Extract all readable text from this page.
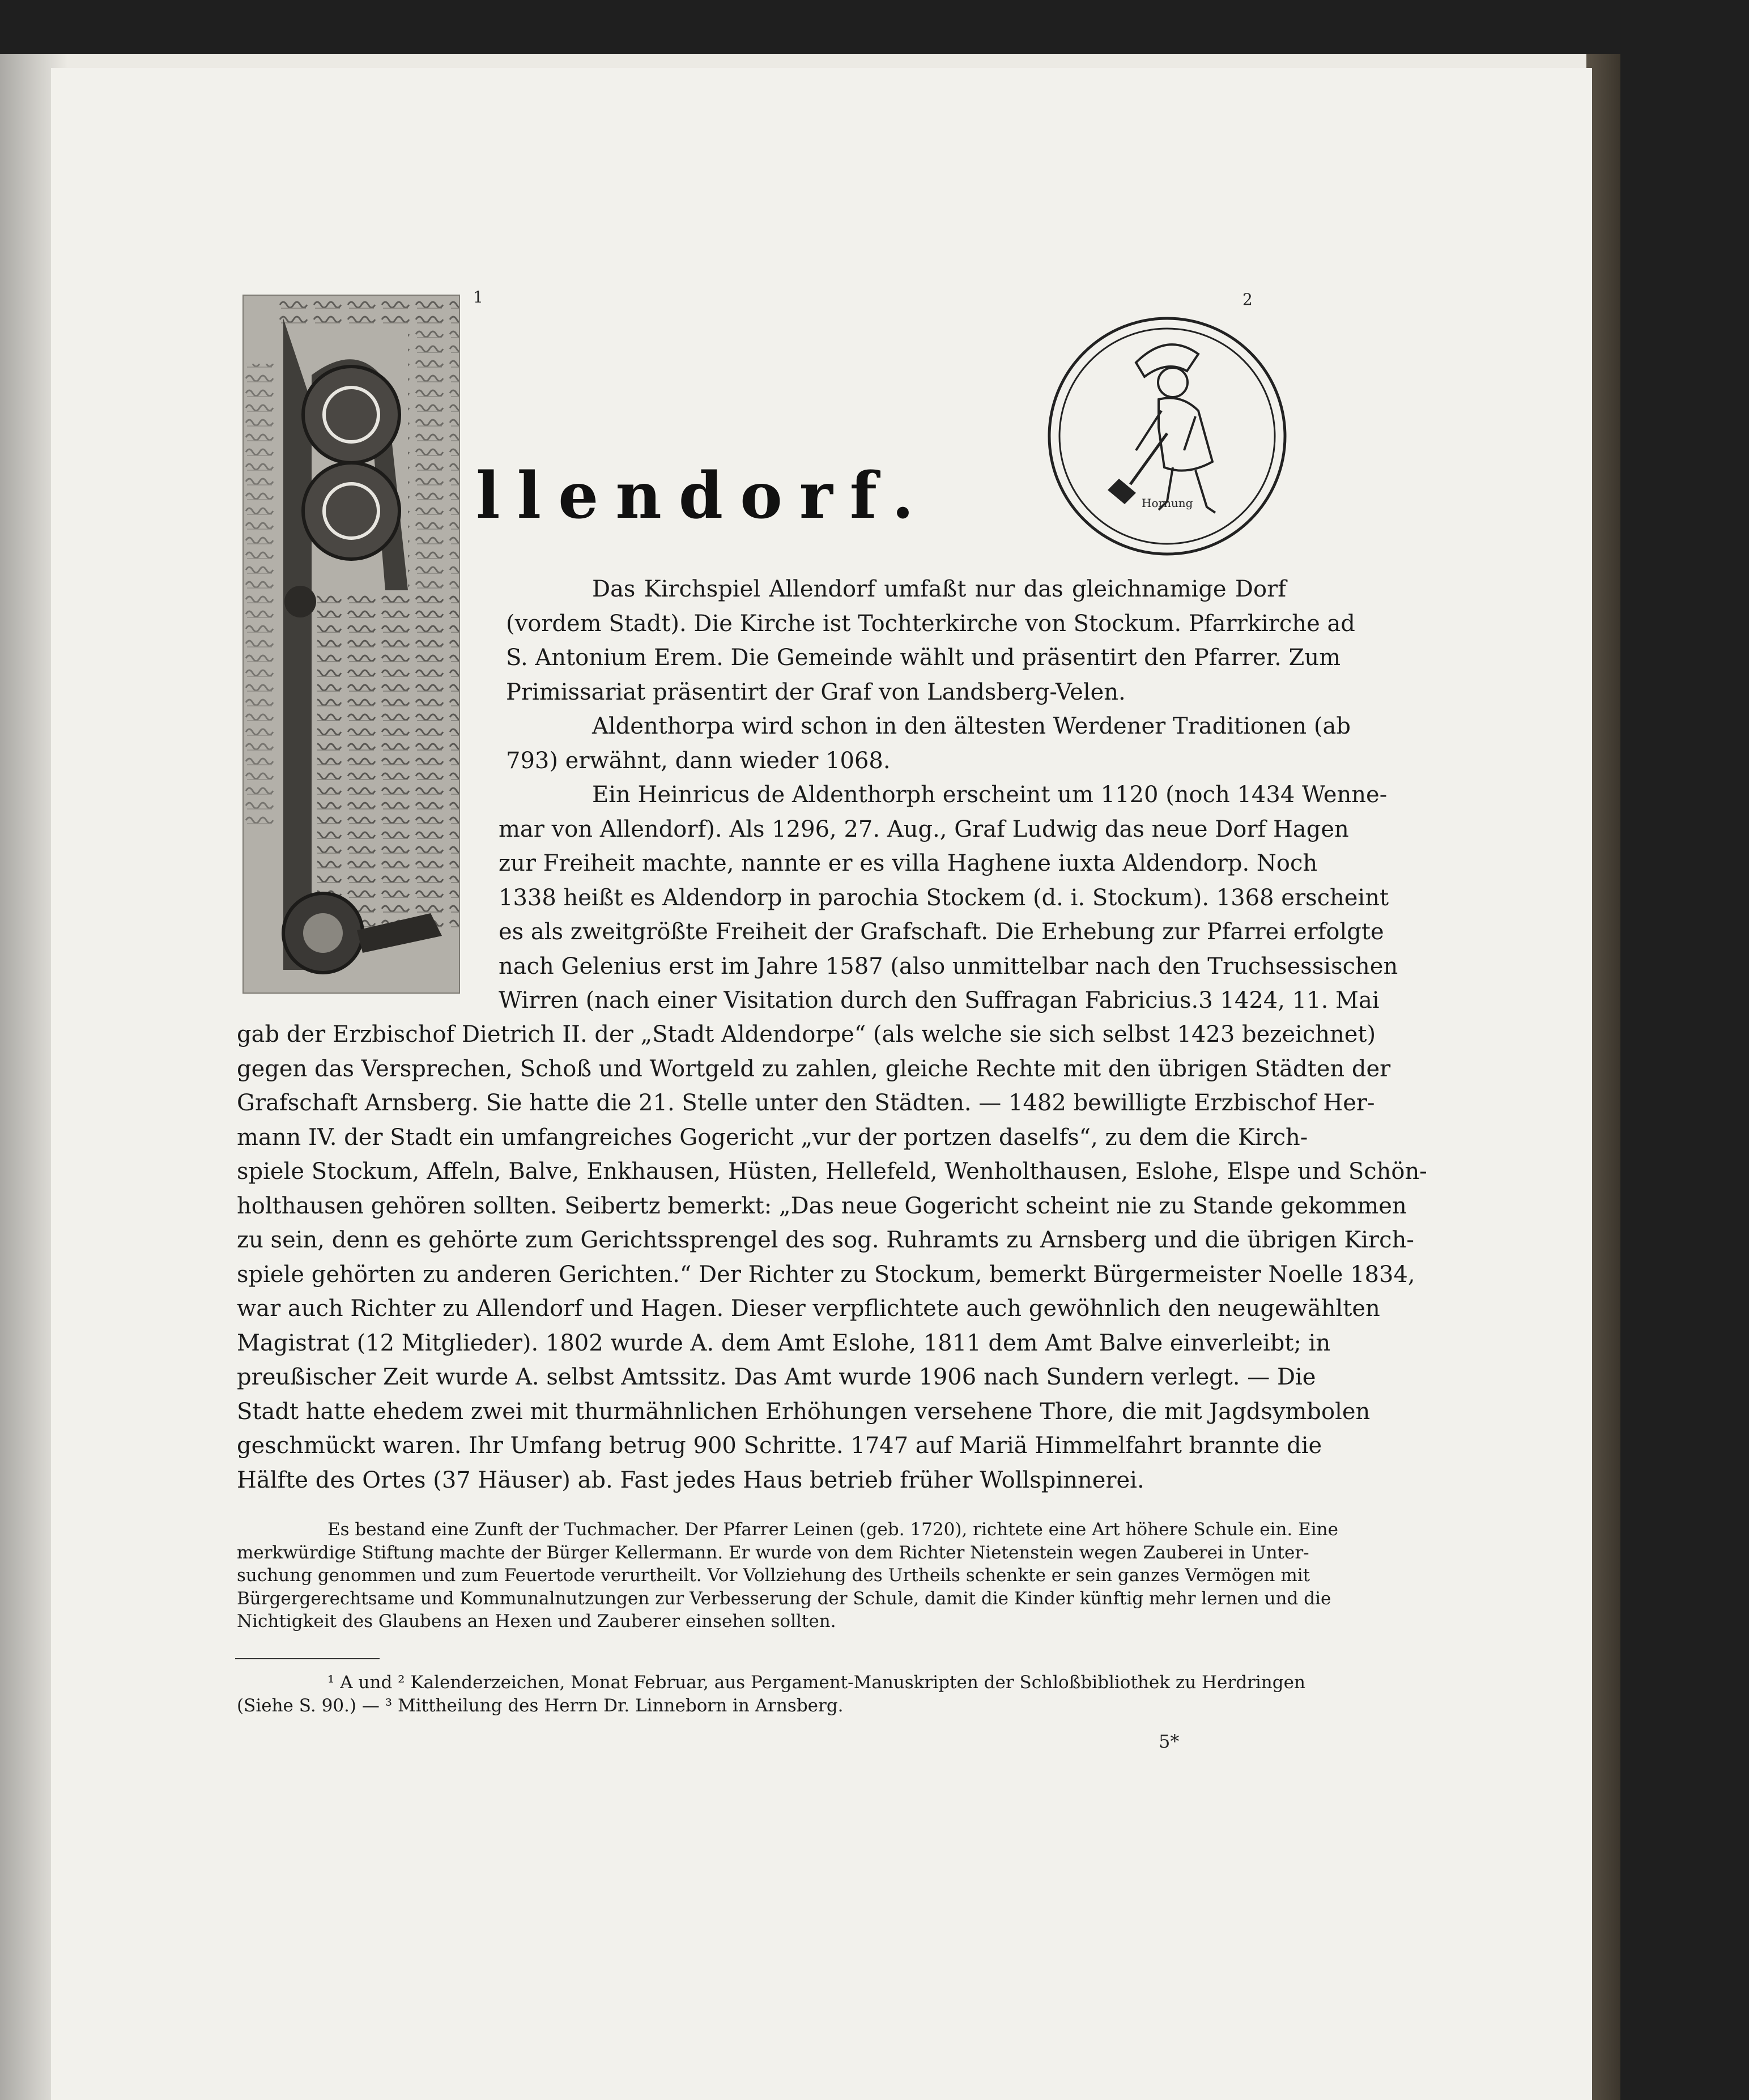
1	2
Hornung
llendorf.
Das Kirchspiel Allendorf umfaßt nur das gleichnamige Dorf
(vordem Stadt). Die Kirche ist Tochterkirche von Stockum. Pfarrkirche ad
S. Antonium Erem. Die Gemeinde wählt und präsentirt den Pfarrer. Zum
Primissariat präsentirt der Graf von Landsberg-Velen.
Aldenthorpa wird schon in den ältesten Werdener Traditionen (ab
793) erwähnt, dann wieder 1068.
Ein Heinricus de Aldenthorph erscheint um 1120 (noch 1434 Wenne-
mar von Allendorf). Als 1296, 27. Aug., Graf Ludwig das neue Dorf Hagen
zur Freiheit machte, nannte er es villa Haghene iuxta Aldendorp. Noch
1338 heißt es Aldendorp in parochia Stockem (d. i. Stockum). 1368 erscheint
es als zweitgrößte Freiheit der Grafschaft. Die Erhebung zur Pfarrei erfolgte
nach Gelenius erst im Jahre 1587 (also unmittelbar nach den Truchsessischen
Wirren (nach einer Visitation durch den Suffragan Fabricius.3 1424, 11. Mai
gab der Erzbischof Dietrich II. der „Stadt Aldendorpe“ (als welche sie sich selbst 1423 bezeichnet)
gegen das Versprechen, Schoß und Wortgeld zu zahlen, gleiche Rechte mit den übrigen Städten der
Grafschaft Arnsberg. Sie hatte die 21. Stelle unter den Städten. — 1482 bewilligte Erzbischof Her-
mann IV. der Stadt ein umfangreiches Gogericht „vur der portzen daselfs“, zu dem die Kirch-
spiele Stockum, Affeln, Balve, Enkhausen, Hüsten, Hellefeld, Wenholthausen, Eslohe, Elspe und Schön-
holthausen gehören sollten. Seibertz bemerkt: „Das neue Gogericht scheint nie zu Stande gekommen
zu sein, denn es gehörte zum Gerichtssprengel des sog. Ruhramts zu Arnsberg und die übrigen Kirch-
spiele gehörten zu anderen Gerichten.“ Der Richter zu Stockum, bemerkt Bürgermeister Noelle 1834,
war auch Richter zu Allendorf und Hagen. Dieser verpflichtete auch gewöhnlich den neugewählten
Magistrat (12 Mitglieder). 1802 wurde A. dem Amt Eslohe, 1811 dem Amt Balve einverleibt; in
preußischer Zeit wurde A. selbst Amtssitz. Das Amt wurde 1906 nach Sundern verlegt. — Die
Stadt hatte ehedem zwei mit thurmähnlichen Erhöhungen versehene Thore, die mit Jagdsymbolen
geschmückt waren. Ihr Umfang betrug 900 Schritte. 1747 auf Mariä Himmelfahrt brannte die
Hälfte des Ortes (37 Häuser) ab. Fast jedes Haus betrieb früher Wollspinnerei.
Es bestand eine Zunft der Tuchmacher. Der Pfarrer Leinen (geb. 1720), richtete eine Art höhere Schule ein. Eine
merkwürdige Stiftung machte der Bürger Kellermann. Er wurde von dem Richter Nietenstein wegen Zauberei in Unter-
suchung genommen und zum Feuertode verurtheilt. Vor Vollziehung des Urtheils schenkte er sein ganzes Vermögen mit
Bürgergerechtsame und Kommunalnutzungen zur Verbesserung der Schule, damit die Kinder künftig mehr lernen und die
Nichtigkeit des Glaubens an Hexen und Zauberer einsehen sollten.
¹ A und ² Kalenderzeichen, Monat Februar, aus Pergament-Manuskripten der Schloßbibliothek zu Herdringen
(Siehe S. 90.) — ³ Mittheilung des Herrn Dr. Linneborn in Arnsberg.
5*
